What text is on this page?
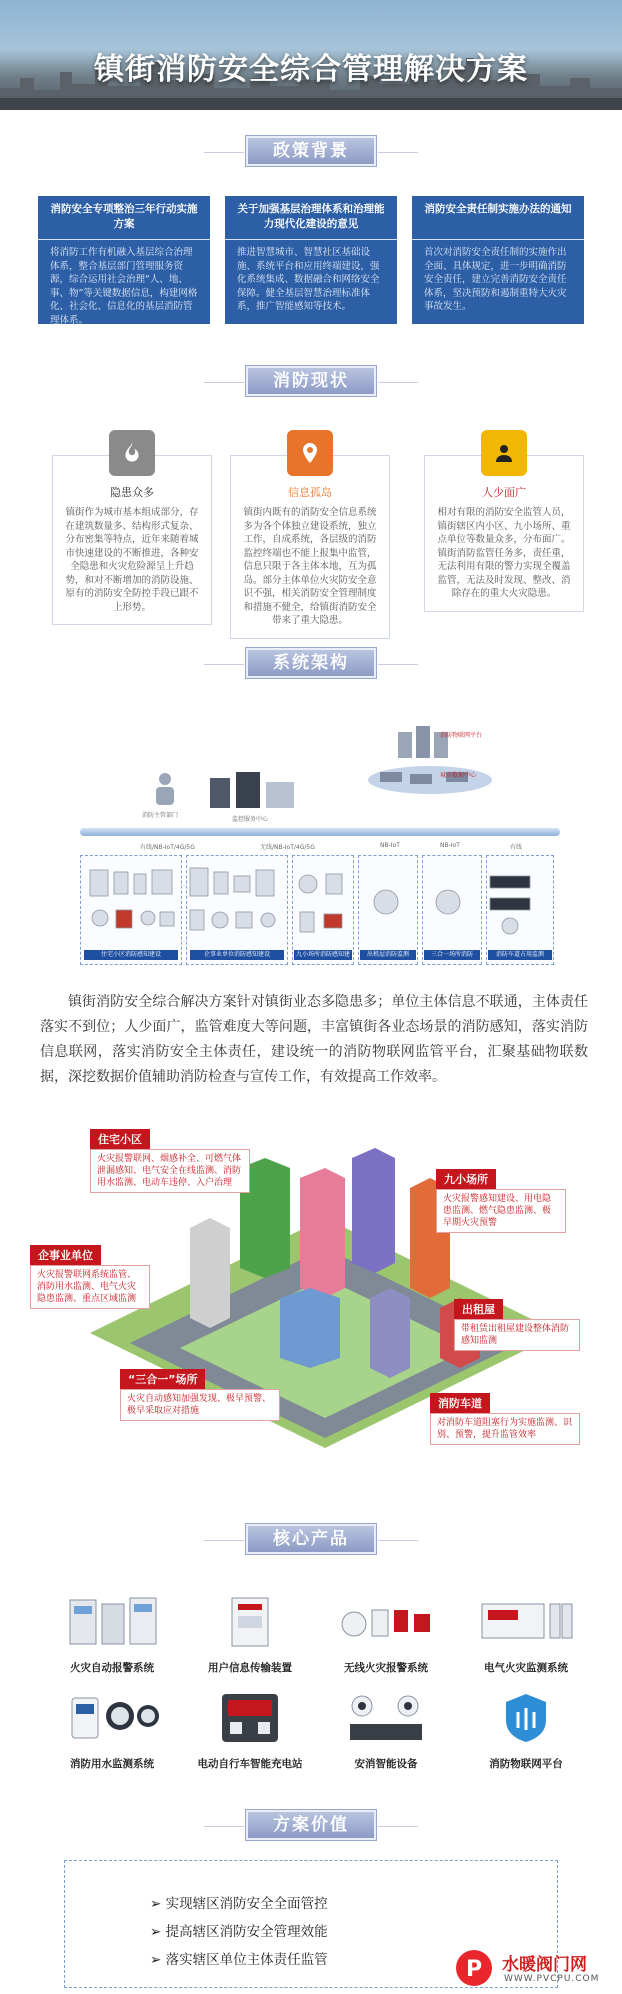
镇街消防安全综合管理解决方案
政策背景
消防安全专项整治三年行动实施方案
将消防工作有机融入基层综合治理体系，整合基层部门管理服务资源，综合运用社会治理“人、地、事、物”等关键数据信息，构建网格化、社会化、信息化的基层消防管理体系。
关于加强基层治理体系和治理能力现代化建设的意见
推进智慧城市、智慧社区基础设施、系统平台和应用终端建设，强化系统集成、数据融合和网络安全保障。健全基层智慧治理标准体系，推广智能感知等技术。
消防安全责任制实施办法的通知
首次对消防安全责任制的实施作出全面、具体规定，进一步明确消防安全责任，建立完善消防安全责任体系，坚决预防和遏制重特大火灾事故发生。
消防现状
隐患众多
镇街作为城市基本组成部分，存在建筑数量多、结构形式复杂、分布密集等特点，近年来随着城市快速建设的不断推进，各种安全隐患和火灾危险源呈上升趋势，和对不断增加的消防设施、原有的消防安全防控手段已跟不上形势。
信息孤岛
镇街内既有的消防安全信息系统多为各个体独立建设系统，独立工作，自成系统，各层级的消防监控终端也不能上报集中监管，信息只限于各主体本地，互为孤岛。部分主体单位火灾防安全意识不强，相关消防安全管理制度和措施不健全，给镇街消防安全带来了重大隐患。
人少面广
相对有限的消防安全监管人员，镇街辖区内小区、九小场所、重点单位等数量众多，分布面广。镇街消防监管任务多，责任重，无法利用有限的警力实现全覆盖监管，无法及时发现、整改、消除存在的重大火灾隐患。
系统架构
消防物联网平台
城市数据中心
消防主管部门
监控服务中心
有线/NB-IoT/4G/5G	无线/NB-IoT/4G/5G	NB-IoT	NB-IoT	有线
住宅小区消防感知建设	企事业单位消防感知建设	九小场所消防感知建设
出租屋消防监测	三合一场所消防	消防车道占用监测
镇街消防安全综合解决方案针对镇街业态多隐患多；单位主体信息不联通，主体责任落实不到位；人少面广，监管难度大等问题，丰富镇街各业态场景的消防感知，落实消防信息联网，落实消防安全主体责任，建设统一的消防物联网监管平台，汇聚基础物联数据，深挖数据价值辅助消防检查与宣传工作，有效提高工作效率。
住宅小区
火灾报警联网、烟感补全、可燃气体泄漏感知、电气安全在线监测、消防用水监测、电动车违停、入户治理	九小场所
火灾报警感知建设、用电隐患监测、燃气隐患监测、极早期火灾预警
企事业单位
火灾报警联网系统监管、消防用水监测、电气火灾隐患监测、重点区域监测
出租屋
带租赁出租屋建设整体消防感知监测
“三合一”场所
火灾自动感知加强发现、极早预警、极早采取应对措施
消防车道
对消防车道阻塞行为实施监测、识别、预警，提升监管效率
核心产品
火灾自动报警系统	用户信息传输装置	无线火灾报警系统	电气火灾监测系统
消防用水监测系统	电动自行车智能充电站	安消智能设备	消防物联网平台
方案价值
➢ 实现辖区消防安全全面管控
➢ 提高辖区消防安全管理效能
➢ 落实辖区单位主体责任监管	P 水暖阀门网
WWW.PVCPU.COM
